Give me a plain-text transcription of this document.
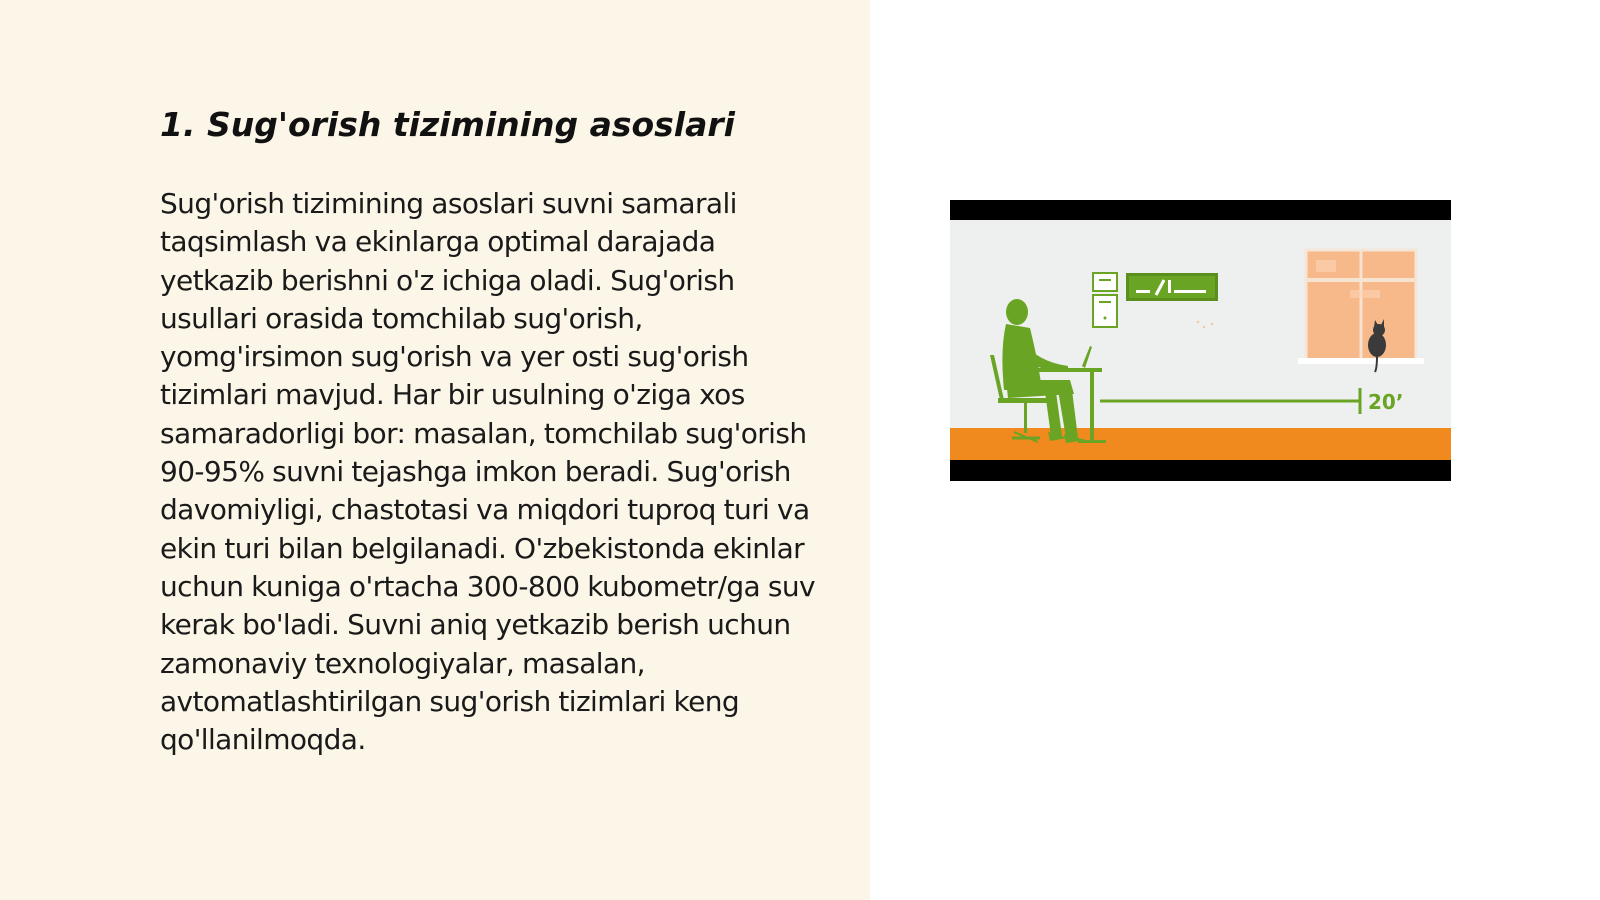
1. Sug'orish tizimining asoslari

Sug'orish tizimining asoslari suvni samarali taqsimlash va ekinlarga optimal darajada yetkazib berishni o'z ichiga oladi. Sug'orish usullari orasida tomchilab sug'orish, yomg'irsimon sug'orish va yer osti sug'orish tizimlari mavjud. Har bir usulning o'ziga xos samaradorligi bor: masalan, tomchilab sug'orish 90-95% suvni tejashga imkon beradi. Sug'orish davomiyligi, chastotasi va miqdori tuproq turi va ekin turi bilan belgilanadi. O'zbekistonda ekinlar uchun kuniga o'rtacha 300-800 kubometr/ga suv kerak bo'ladi. Suvni aniq yetkazib berish uchun zamonaviy texnologiyalar, masalan, avtomatlashtirilgan sug'orish tizimlari keng qo'llanilmoqda.

20’
